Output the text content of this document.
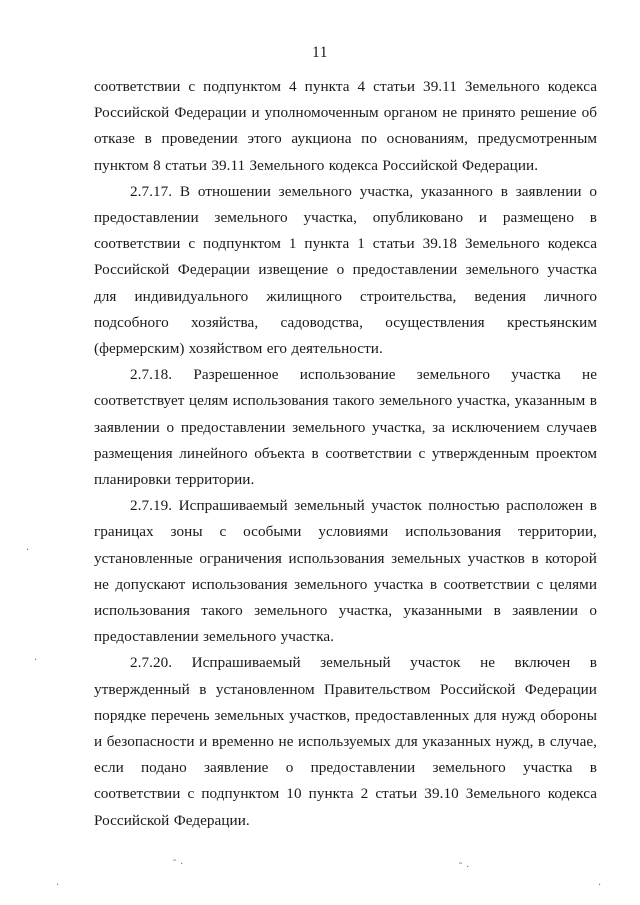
11

соответствии с подпунктом 4 пункта 4 статьи 39.11 Земельного кодекса Российской Федерации и уполномоченным органом не принято решение об отказе в проведении этого аукциона по основаниям, предусмотренным пунктом 8 статьи 39.11 Земельного кодекса Российской Федерации.

2.7.17. В отношении земельного участка, указанного в заявлении о предоставлении земельного участка, опубликовано и размещено в соответствии с подпунктом 1 пункта 1 статьи 39.18 Земельного кодекса Российской Федерации извещение о предоставлении земельного участка для индивидуального жилищного строительства, ведения личного подсобного хозяйства, садоводства, осуществления крестьянским (фермерским) хозяйством его деятельности.

2.7.18. Разрешенное использование земельного участка не соответствует целям использования такого земельного участка, указанным в заявлении о предоставлении земельного участка, за исключением случаев размещения линейного объекта в соответствии с утвержденным проектом планировки территории.

2.7.19. Испрашиваемый земельный участок полностью расположен в границах зоны с особыми условиями использования территории, установленные ограничения использования земельных участков в которой не допускают использования земельного участка в соответствии с целями использования такого земельного участка, указанными в заявлении о предоставлении земельного участка.

2.7.20. Испрашиваемый земельный участок не включен в утвержденный в установленном Правительством Российской Федерации порядке перечень земельных участков, предоставленных для нужд обороны и безопасности и временно не используемых для указанных нужд, в случае, если подано заявление о предоставлении земельного участка в соответствии с подпунктом 10 пункта 2 статьи 39.10 Земельного кодекса Российской Федерации.

·
·
·
˜ ·	˜ ·
·
